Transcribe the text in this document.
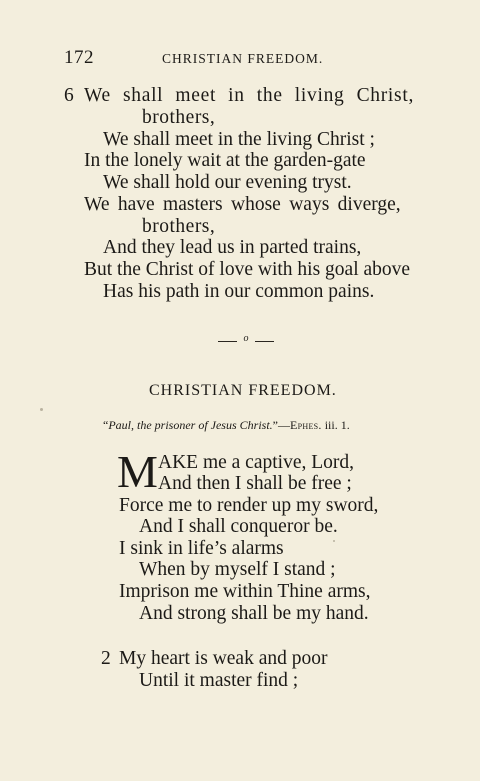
172	CHRISTIAN FREEDOM.
6 We shall meet in the living Christ,
brothers,
We shall meet in the living Christ ;
In the lonely wait at the garden-gate
We shall hold our evening tryst.
We have masters whose ways diverge,
brothers,
And they lead us in parted trains,
But the Christ of love with his goal above
Has his path in our common pains.
o
CHRISTIAN FREEDOM.
“Paul, the prisoner of Jesus Christ.”—Ephes. iii. 1.
M AKE me a captive, Lord,
And then I shall be free ;
Force me to render up my sword,
And I shall conqueror be.
I sink in life’s alarms
When by myself I stand ;
Imprison me within Thine arms,
And strong shall be my hand.
2 My heart is weak and poor
Until it master find ;
